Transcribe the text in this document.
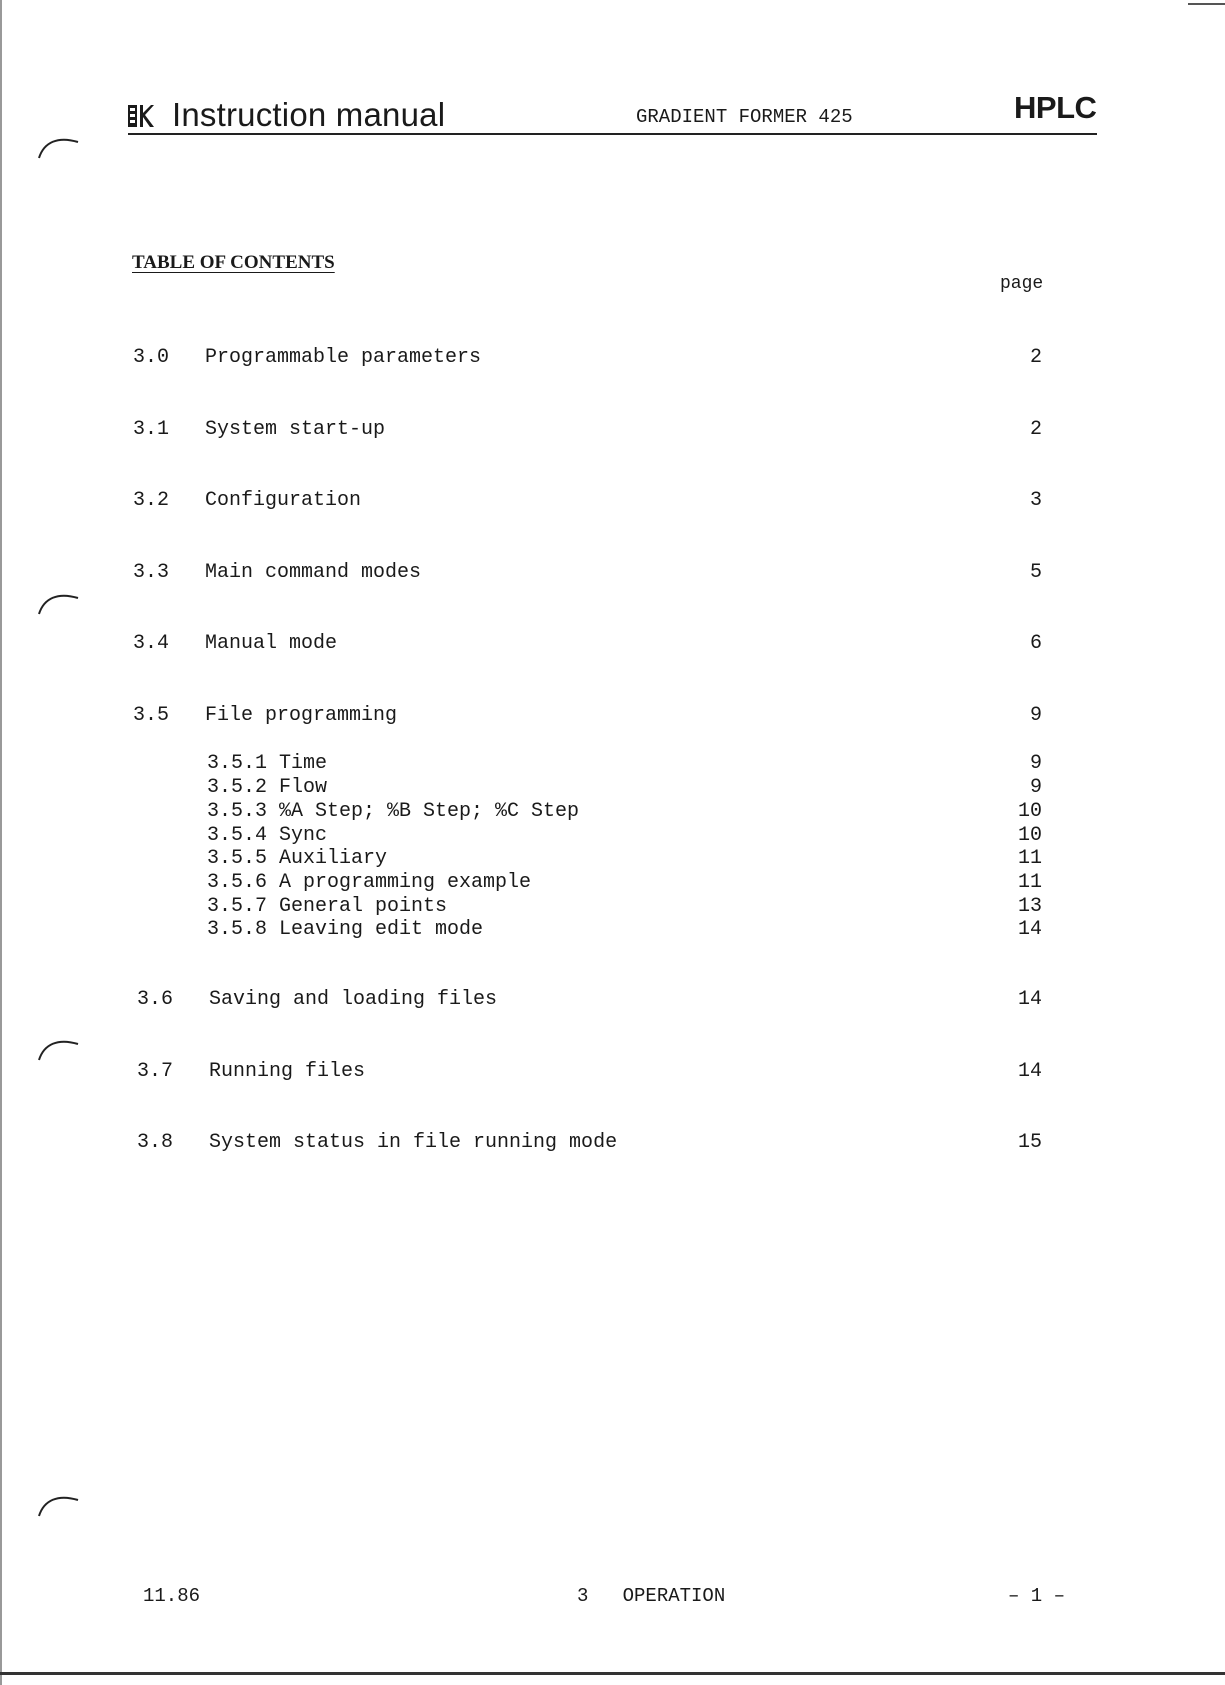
Instruction manual	GRADIENT FORMER 425	HPLC
TABLE OF CONTENTS
page
3.0 Programmable parameters	2
3.1 System start-up	2
3.2 Configuration	3
3.3 Main command modes	5
3.4 Manual mode	6
3.5 File programming	9
3.5.1 Time	9
3.5.2 Flow	9
3.5.3 %A Step; %B Step; %C Step	10
3.5.4 Sync	10
3.5.5 Auxiliary	11
3.5.6 A programming example	11
3.5.7 General points	13
3.5.8 Leaving edit mode	14
3.6 Saving and loading files	14
3.7 Running files	14
3.8 System status in file running mode	15
11.86	3   OPERATION	– 1 –
